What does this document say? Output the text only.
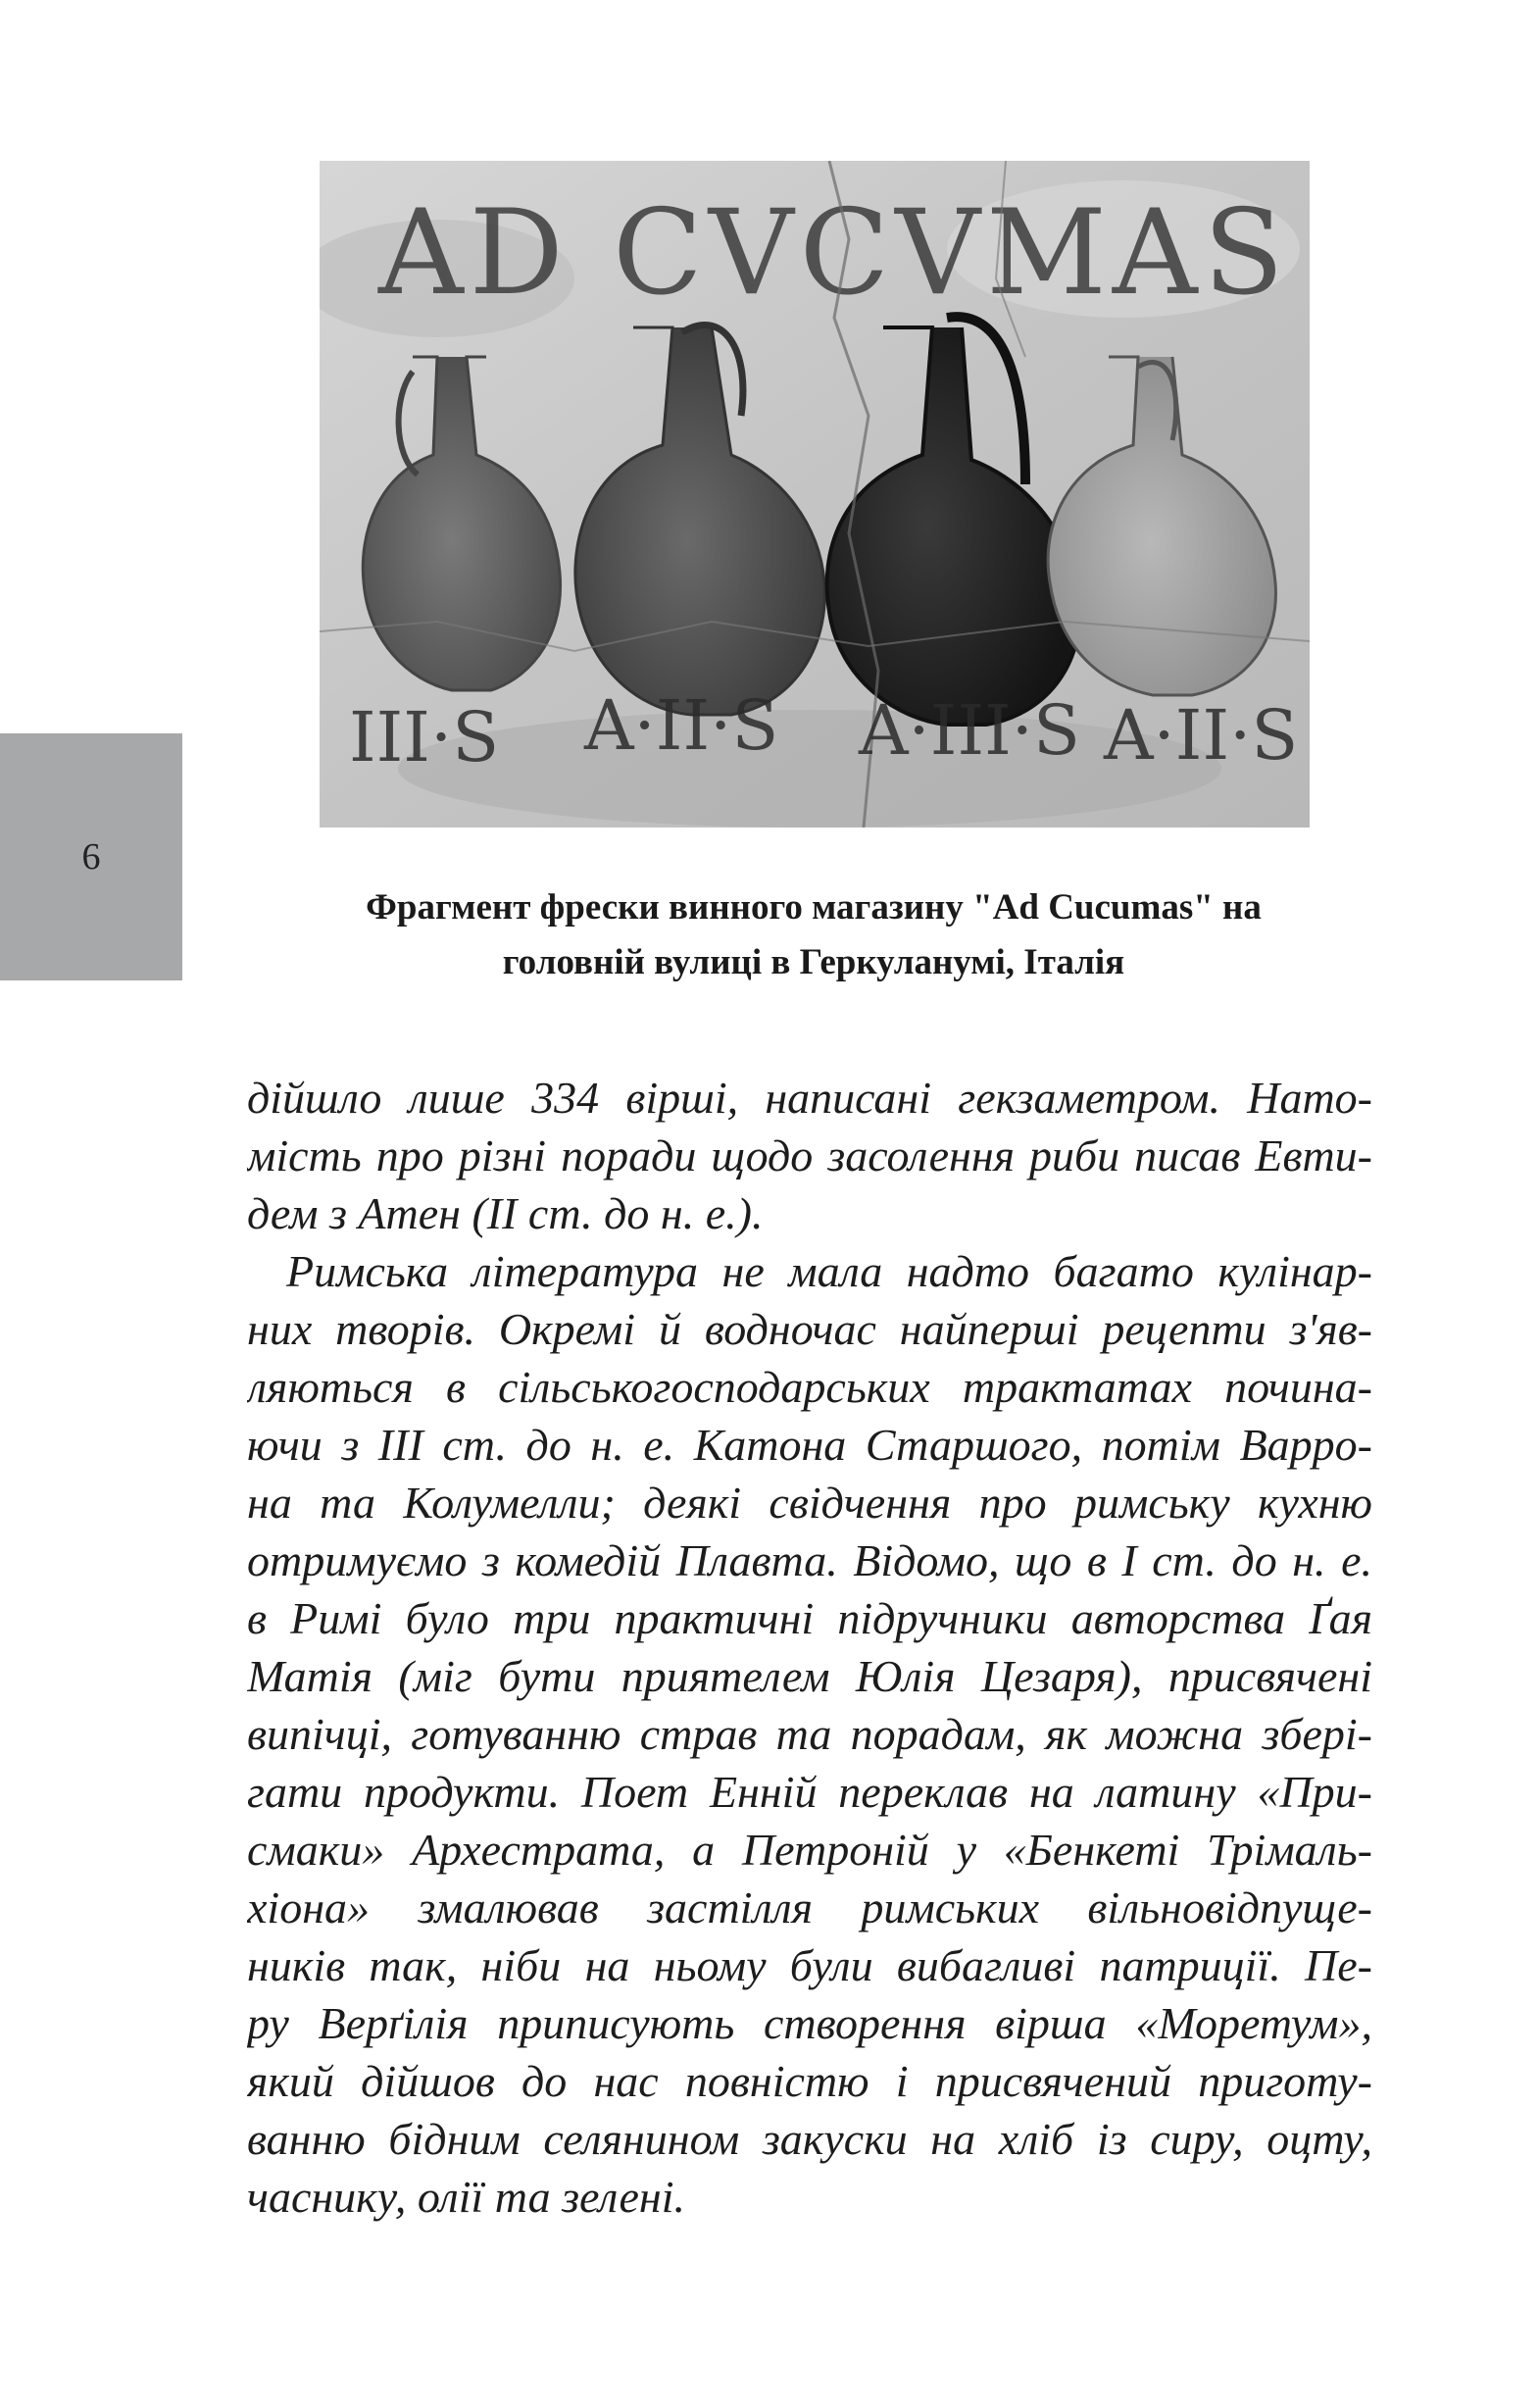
6
AD CVCVMAS
III·S A·II·S A·III·S A·II·S
Фрагмент фрески винного магазину "Ad Cucumas" на
головній вулиці в Геркуланумі, Італія
дійшло лише 334 вірші, написані гекзаметром. Нато-
мість про різні поради щодо засолення риби писав Евти-
дем з Атен (ІІ ст. до н. е.).
Римська література не мала надто багато кулінар-
них творів. Окремі й водночас найперші рецепти з'яв-
ляються в сільськогосподарських трактатах почина-
ючи з ІІІ ст. до н. е. Катона Старшого, потім Варро-
на та Колумелли; деякі свідчення про римську кухню
отримуємо з комедій Плавта. Відомо, що в І ст. до н. е.
в Римі було три практичні підручники авторства Ґая
Матія (міг бути приятелем Юлія Цезаря), присвячені
випічці, готуванню страв та порадам, як можна збері-
гати продукти. Поет Енній переклав на латину «При-
смаки» Архестрата, а Петроній у «Бенкеті Трімаль-
хіона» змалював застілля римських вільновідпуще-
ників так, ніби на ньому були вибагливі патриції. Пе-
ру Верґілія приписують створення вірша «Моретум»,
який дійшов до нас повністю і присвячений приготу-
ванню бідним селянином закуски на хліб із сиру, оцту,
часнику, олії та зелені.
